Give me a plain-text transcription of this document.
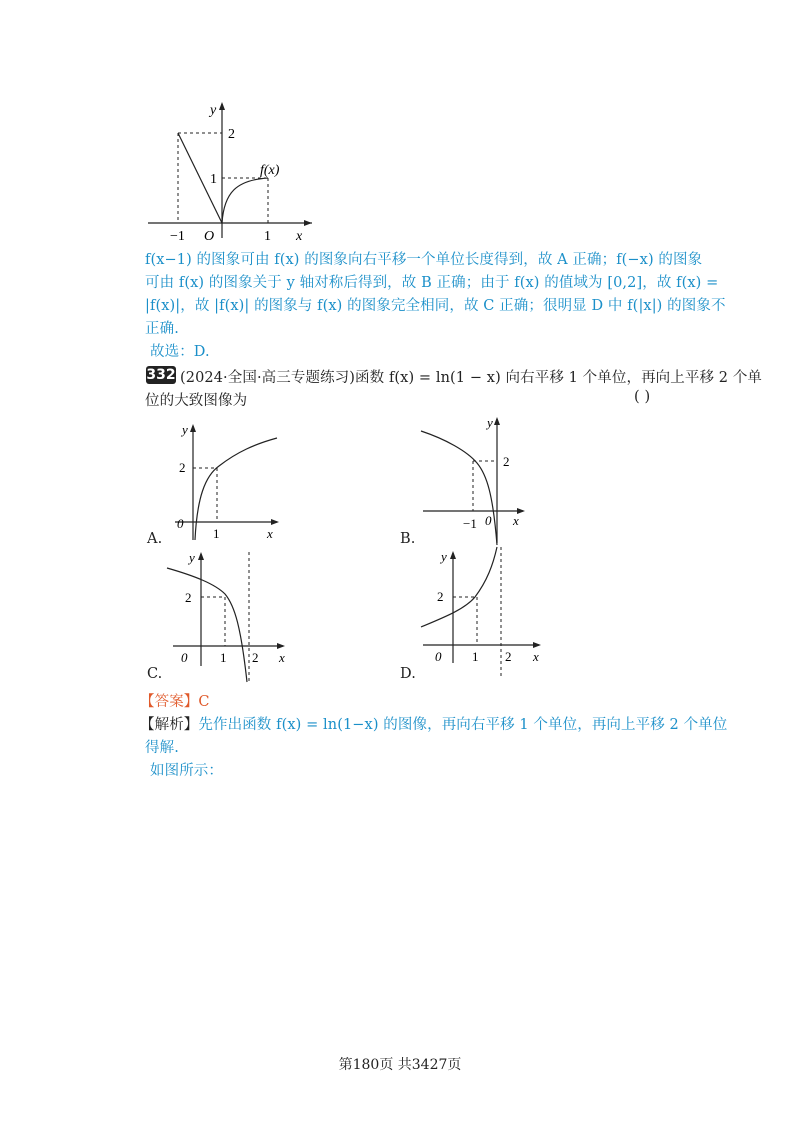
y
x
2
1
f(x)
−1 O	1
f(x−1) 的图象可由 f(x) 的图象向右平移一个单位长度得到，故 A 正确；f(−x) 的图象
可由 f(x) 的图象关于 y 轴对称后得到，故 B 正确；由于 f(x) 的值域为 [0,2]，故 f(x) =
|f(x)|，故 |f(x)| 的图象与 f(x) 的图象完全相同，故 C 正确；很明显 D 中 f(|x|) 的图象不
正确.
故选：D.
332 (2024·全国·高三专题练习)函数 f(x) = ln(1 − x) 向右平移 1 个单位，再向上平移 2 个单
位的大致图像为	( )
y
2
0
1	x
A.
y
2
−1 0 x
B.
y
2
0	1 2 x
C.
y
2
0 1 2 x
D.
【答案】C
【解析】先作出函数 f(x) = ln(1−x) 的图像，再向右平移 1 个单位，再向上平移 2 个单位
得解.
如图所示：
第180页 共3427页
